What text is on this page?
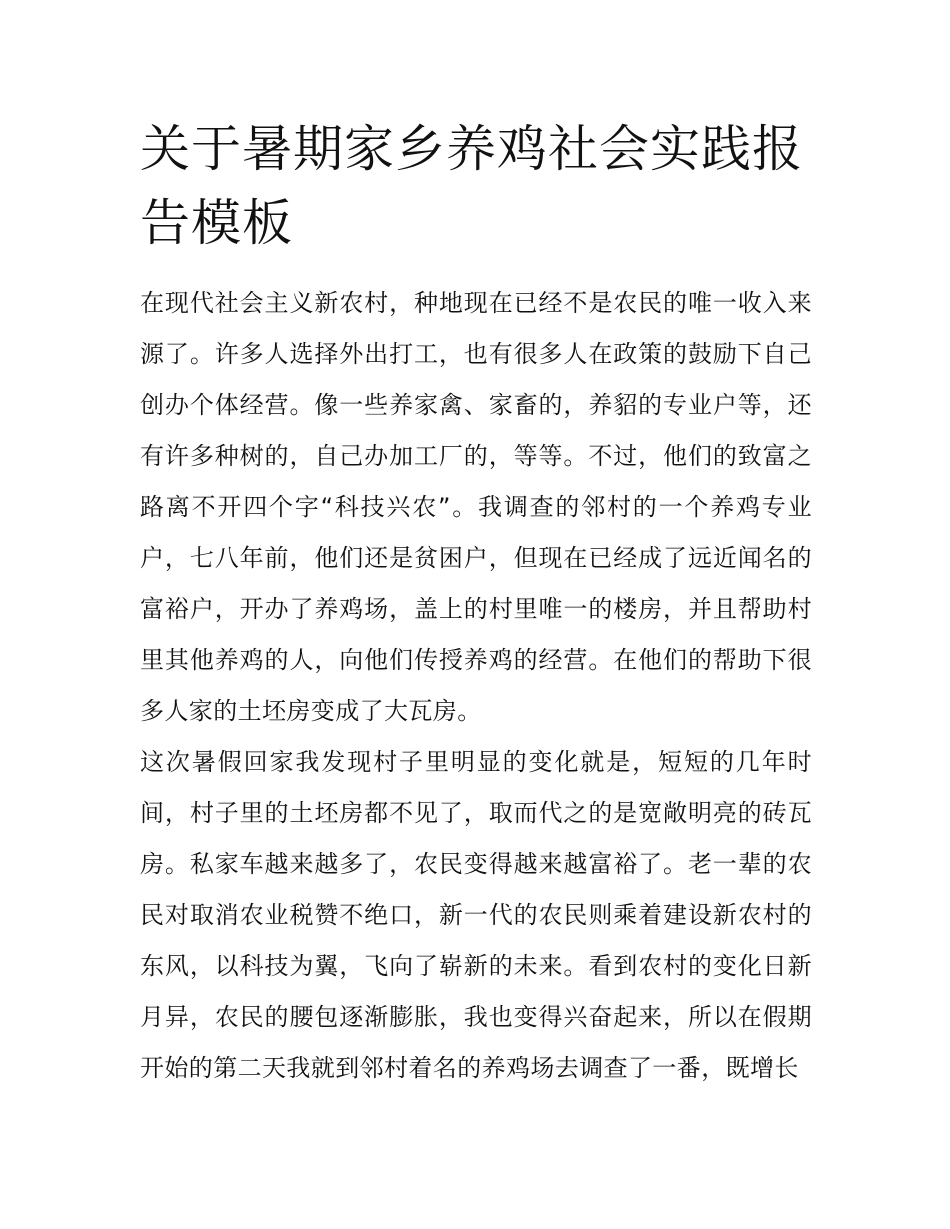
关于暑期家乡养鸡社会实践报告模板

在现代社会主义新农村，种地现在已经不是农民的唯一收入来源了。许多人选择外出打工，也有很多人在政策的鼓励下自己创办个体经营。像一些养家禽、家畜的，养貂的专业户等，还有许多种树的，自己办加工厂的，等等。不过，他们的致富之路离不开四个字“科技兴农”。我调查的邻村的一个养鸡专业户，七八年前，他们还是贫困户，但现在已经成了远近闻名的富裕户，开办了养鸡场，盖上的村里唯一的楼房，并且帮助村里其他养鸡的人，向他们传授养鸡的经营。在他们的帮助下很多人家的土坯房变成了大瓦房。

这次暑假回家我发现村子里明显的变化就是，短短的几年时间，村子里的土坯房都不见了，取而代之的是宽敞明亮的砖瓦房。私家车越来越多了，农民变得越来越富裕了。老一辈的农民对取消农业税赞不绝口，新一代的农民则乘着建设新农村的东风，以科技为翼，飞向了崭新的未来。看到农村的变化日新月异，农民的腰包逐渐膨胀，我也变得兴奋起来，所以在假期开始的第二天我就到邻村着名的养鸡场去调查了一番，既增长
